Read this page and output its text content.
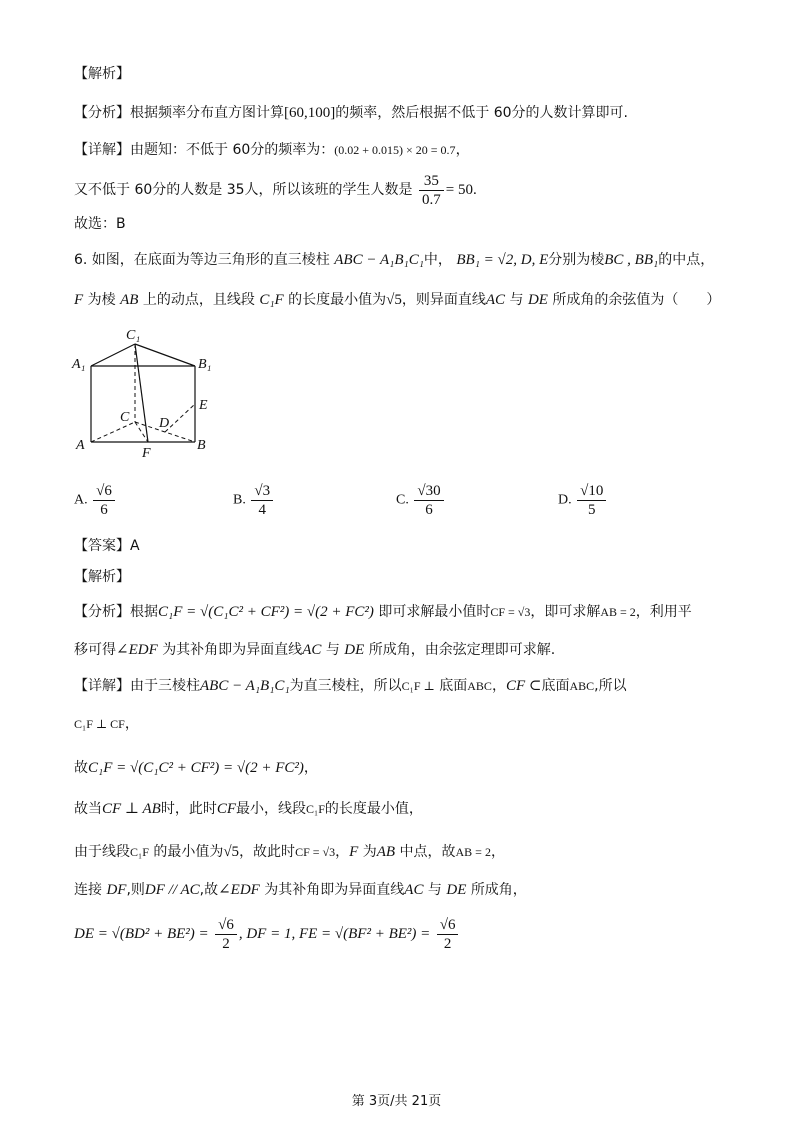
【解析】
【分析】根据频率分布直方图计算[60,100]的频率，然后根据不低于 60分的人数计算即可.
【详解】由题知：不低于 60分的频率为：(0.02 + 0.015) × 20 = 0.7，
又不低于 60分的人数是 35人，所以该班的学生人数是 $\frac{35}{0.7} = 50$.
故选：B
6. 如图，在底面为等边三角形的直三棱柱 ABC − A₁B₁C₁中， BB₁ = √2, D, E分别为棱BC , BB₁的中点，
F 为棱 AB 上的动点，且线段 C₁F 的长度最小值为√5，则异面直线AC 与 DE 所成角的余弦值为（　　）
C₁
A₁	B₁
E
C D
A
F
B
A. $\frac{√6}{6}$	B. $\frac{√3}{4}$	C. $\frac{√30}{6}$	D. $\frac{√10}{5}$
【答案】A
【解析】
【分析】根据C₁F = √(C₁C² + CF²) = √(2 + FC²) 即可求解最小值时CF = √3，即可求解AB = 2，利用平
移可得∠EDF 为其补角即为异面直线AC 与 DE 所成角，由余弦定理即可求解.
【详解】由于三棱柱ABC − A₁B₁C₁为直三棱柱，所以C₁F ⊥ 底面ABC，CF ⊂底面ABC,所以
C₁F ⊥ CF，
故C₁F = √(C₁C² + CF²) = √(2 + FC²)，
故当CF ⊥ AB时，此时CF最小，线段C₁F的长度最小值，
由于线段C₁F 的最小值为√5，故此时CF = √3，F 为AB 中点，故AB = 2，
连接 DF,则DF // AC,故∠EDF 为其补角即为异面直线AC 与 DE 所成角，
DE = $√(BD^2 + BE^2) = \frac{√6}{2}$ , DF = 1, FE = $√(BF^2 + BE^2) = \frac{√6}{2}$
第 3页/共 21页
